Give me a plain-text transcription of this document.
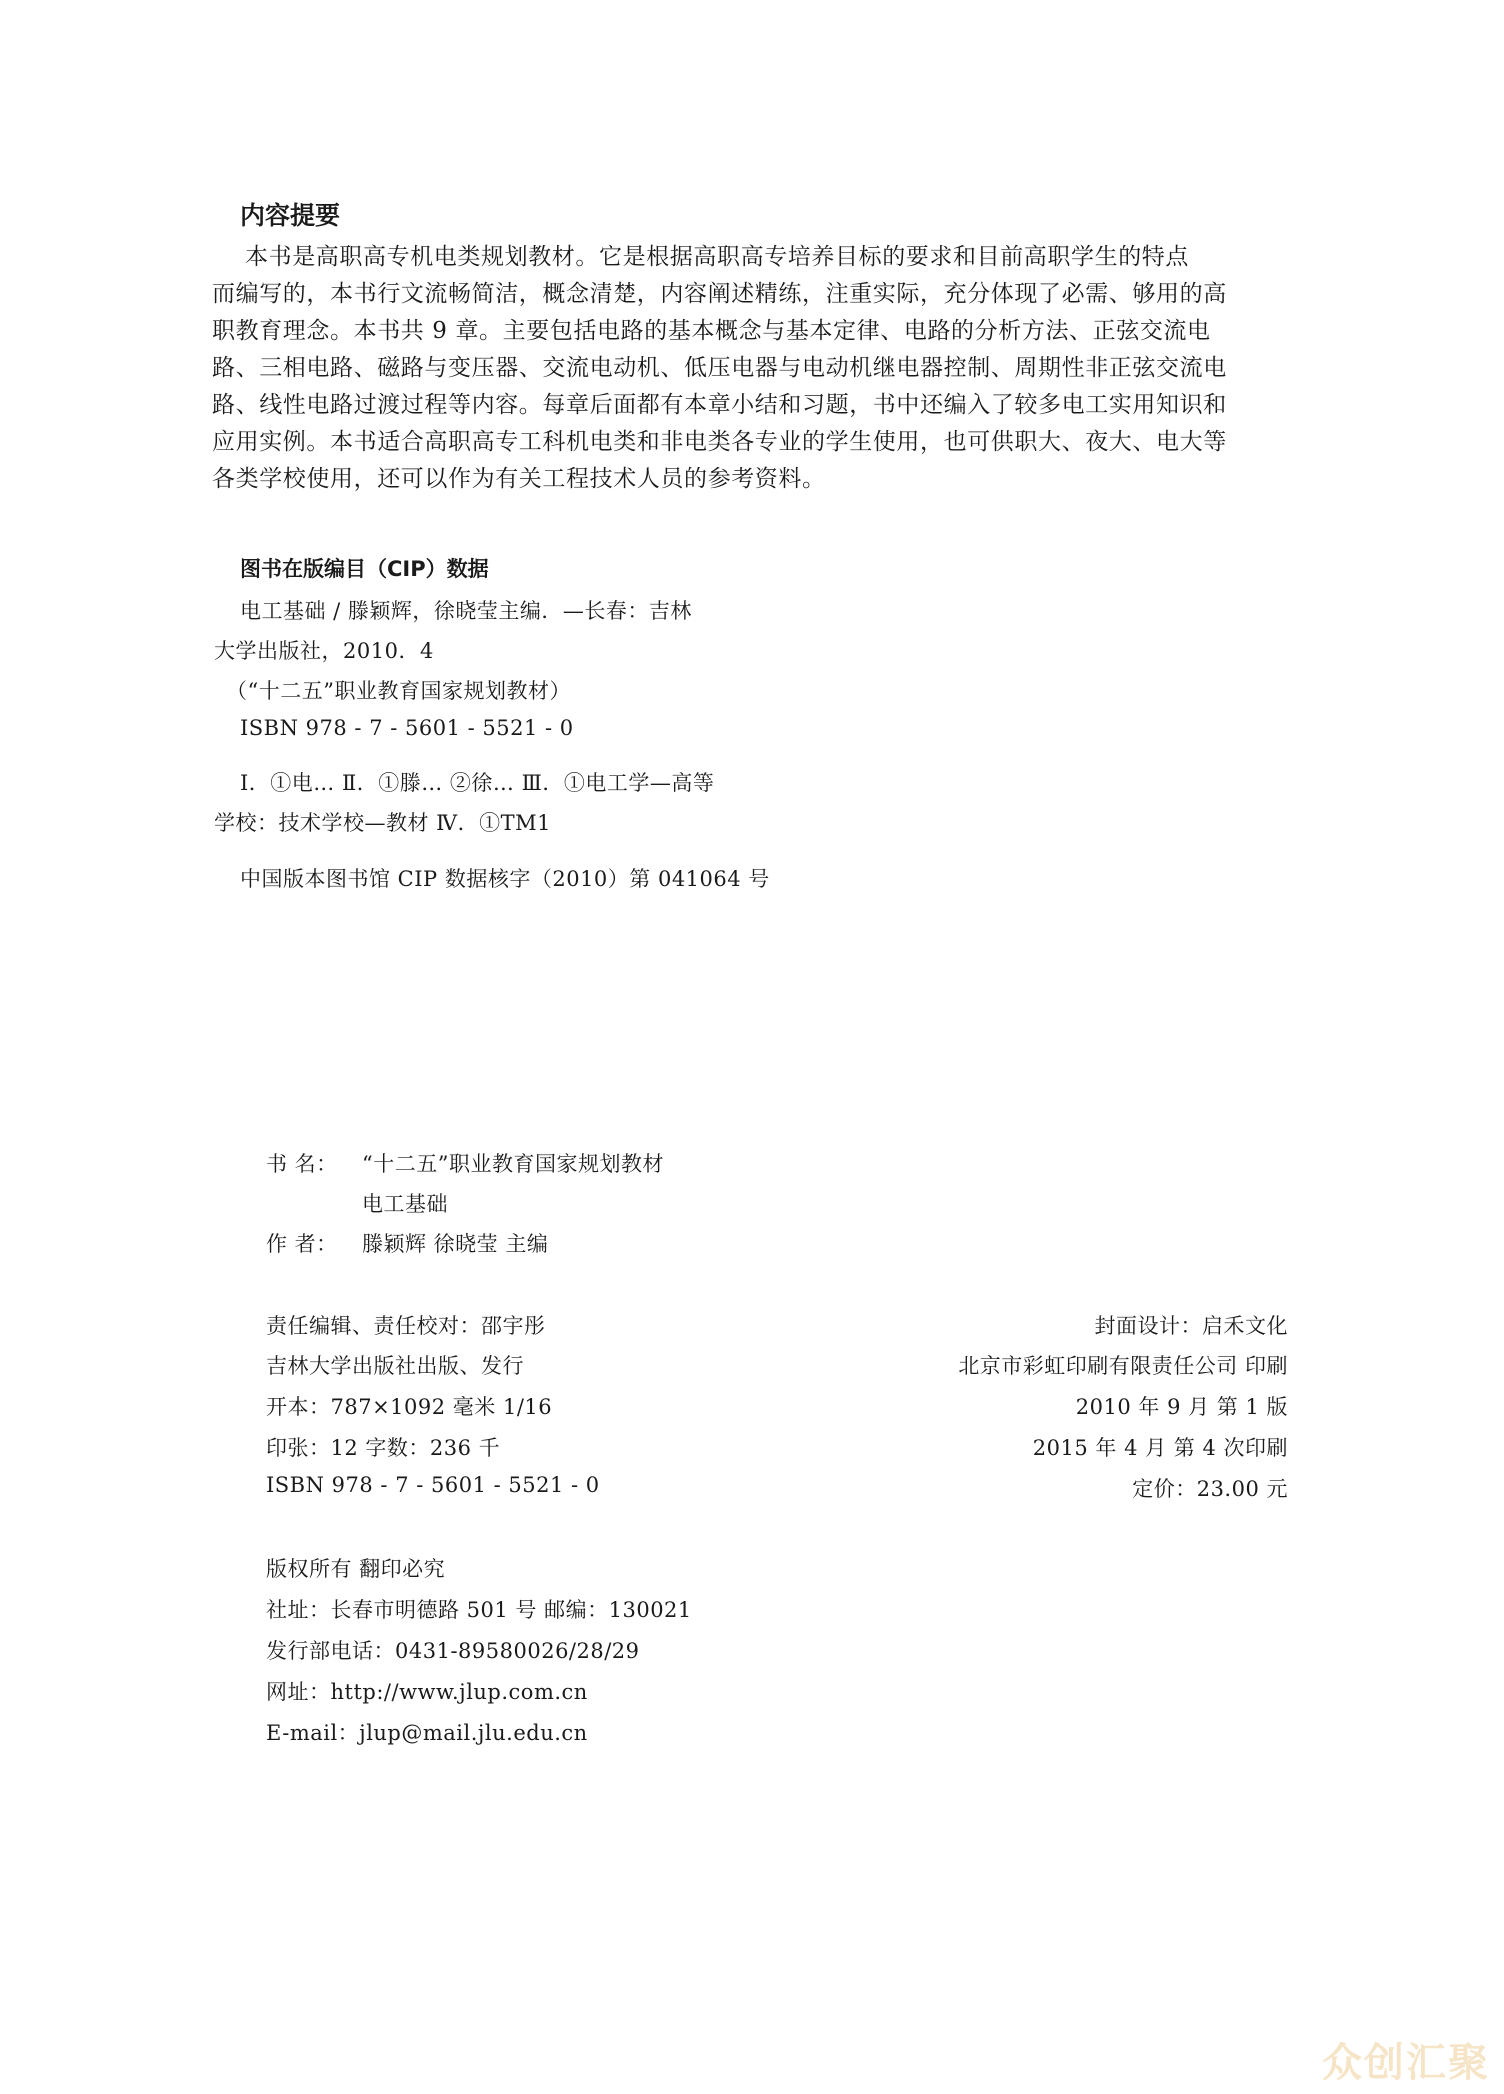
内容提要
本书是高职高专机电类规划教材。它是根据高职高专培养目标的要求和目前高职学生的特点
而编写的，本书行文流畅简洁，概念清楚，内容阐述精练，注重实际，充分体现了必需、够用的高
职教育理念。本书共 9 章。主要包括电路的基本概念与基本定律、电路的分析方法、正弦交流电
路、三相电路、磁路与变压器、交流电动机、低压电器与电动机继电器控制、周期性非正弦交流电
路、线性电路过渡过程等内容。每章后面都有本章小结和习题，书中还编入了较多电工实用知识和
应用实例。本书适合高职高专工科机电类和非电类各专业的学生使用，也可供职大、夜大、电大等
各类学校使用，还可以作为有关工程技术人员的参考资料。
图书在版编目（CIP）数据
电工基础 / 滕颖辉，徐晓莹主编．—长春：吉林
大学出版社，2010．4
（“十二五”职业教育国家规划教材）
ISBN 978 - 7 - 5601 - 5521 - 0
Ⅰ．①电… Ⅱ．①滕… ②徐… Ⅲ．①电工学—高等
学校：技术学校—教材 Ⅳ．①TM1
中国版本图书馆 CIP 数据核字（2010）第 041064 号
书 名： “十二五”职业教育国家规划教材
电工基础
作 者： 滕颖辉 徐晓莹 主编
责任编辑、责任校对：邵宇彤	封面设计：启禾文化
吉林大学出版社出版、发行	北京市彩虹印刷有限责任公司 印刷
开本：787×1092 毫米 1/16	2010 年 9 月 第 1 版
印张：12 字数：236 千	2015 年 4 月 第 4 次印刷
ISBN 978 - 7 - 5601 - 5521 - 0	定价：23.00 元
版权所有 翻印必究
社址：长春市明德路 501 号 邮编：130021
发行部电话：0431-89580026/28/29
网址：http://www.jlup.com.cn
E-mail：jlup@mail.jlu.edu.cn
众创汇聚
